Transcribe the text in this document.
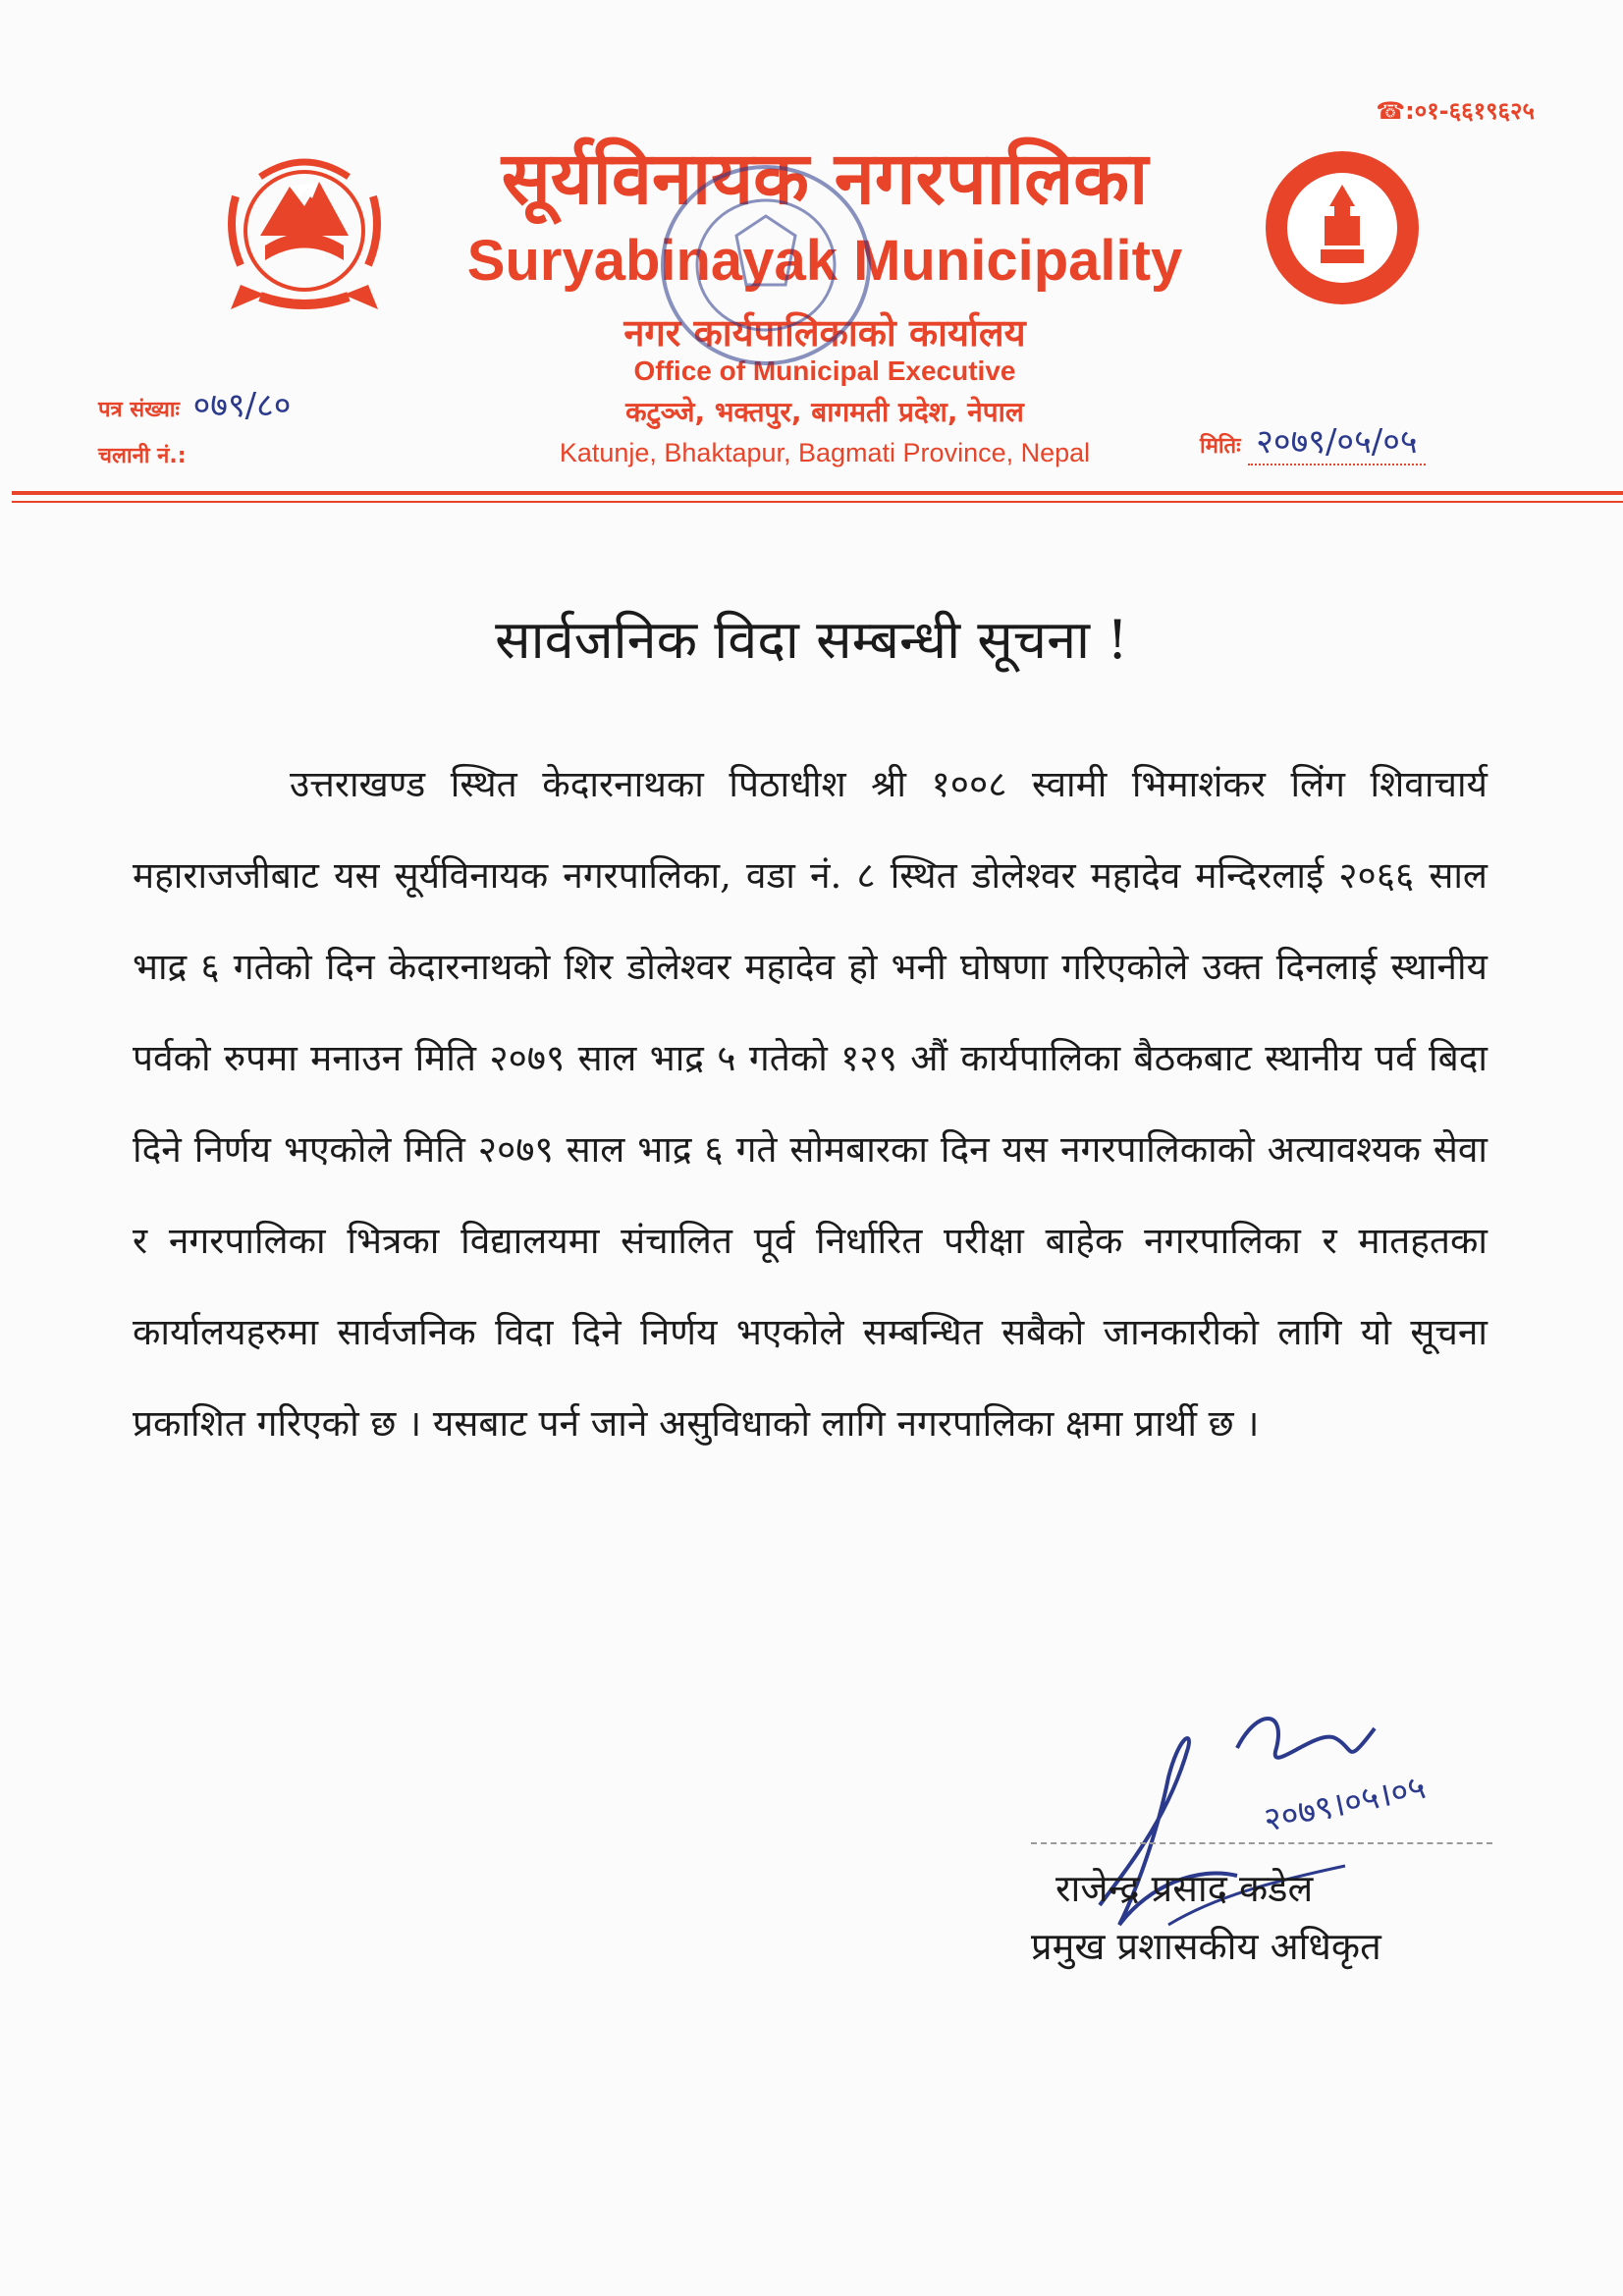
☎:०१-६६१९६२५
सूर्यविनायक नगरपालिका
Suryabinayak Municipality
नगर कार्यपालिकाको कार्यालय
Office of Municipal Executive
कटुञ्जे, भक्तपुर, बागमती प्रदेश, नेपाल
Katunje, Bhaktapur, Bagmati Province, Nepal
पत्र संख्याः ०७९/८०
चलानी नं.:	मितिः २०७९/०५/०५
सार्वजनिक विदा सम्बन्धी सूचना !
उत्तराखण्ड स्थित केदारनाथका पिठाधीश श्री १००८ स्वामी भिमाशंकर लिंग शिवाचार्य महाराजजीबाट यस सूर्यविनायक नगरपालिका, वडा नं. ८ स्थित डोलेश्वर महादेव मन्दिरलाई २०६६ साल भाद्र ६ गतेको दिन केदारनाथको शिर डोलेश्वर महादेव हो भनी घोषणा गरिएकोले उक्त दिनलाई स्थानीय पर्वको रुपमा मनाउन मिति २०७९ साल भाद्र ५ गतेको १२९ औं कार्यपालिका बैठकबाट स्थानीय पर्व बिदा दिने निर्णय भएकोले मिति २०७९ साल भाद्र ६ गते सोमबारका दिन यस नगरपालिकाको अत्यावश्यक सेवा र नगरपालिका भित्रका विद्यालयमा संचालित पूर्व निर्धारित परीक्षा बाहेक नगरपालिका र मातहतका कार्यालयहरुमा सार्वजनिक विदा दिने निर्णय भएकोले सम्बन्धित सबैको जानकारीको लागि यो सूचना प्रकाशित गरिएको छ । यसबाट पर्न जाने असुविधाको लागि नगरपालिका क्षमा प्रार्थी छ ।
२०७९।०५।०५
राजेन्द्र प्रसाद कडेल
प्रमुख प्रशासकीय अधिकृत
